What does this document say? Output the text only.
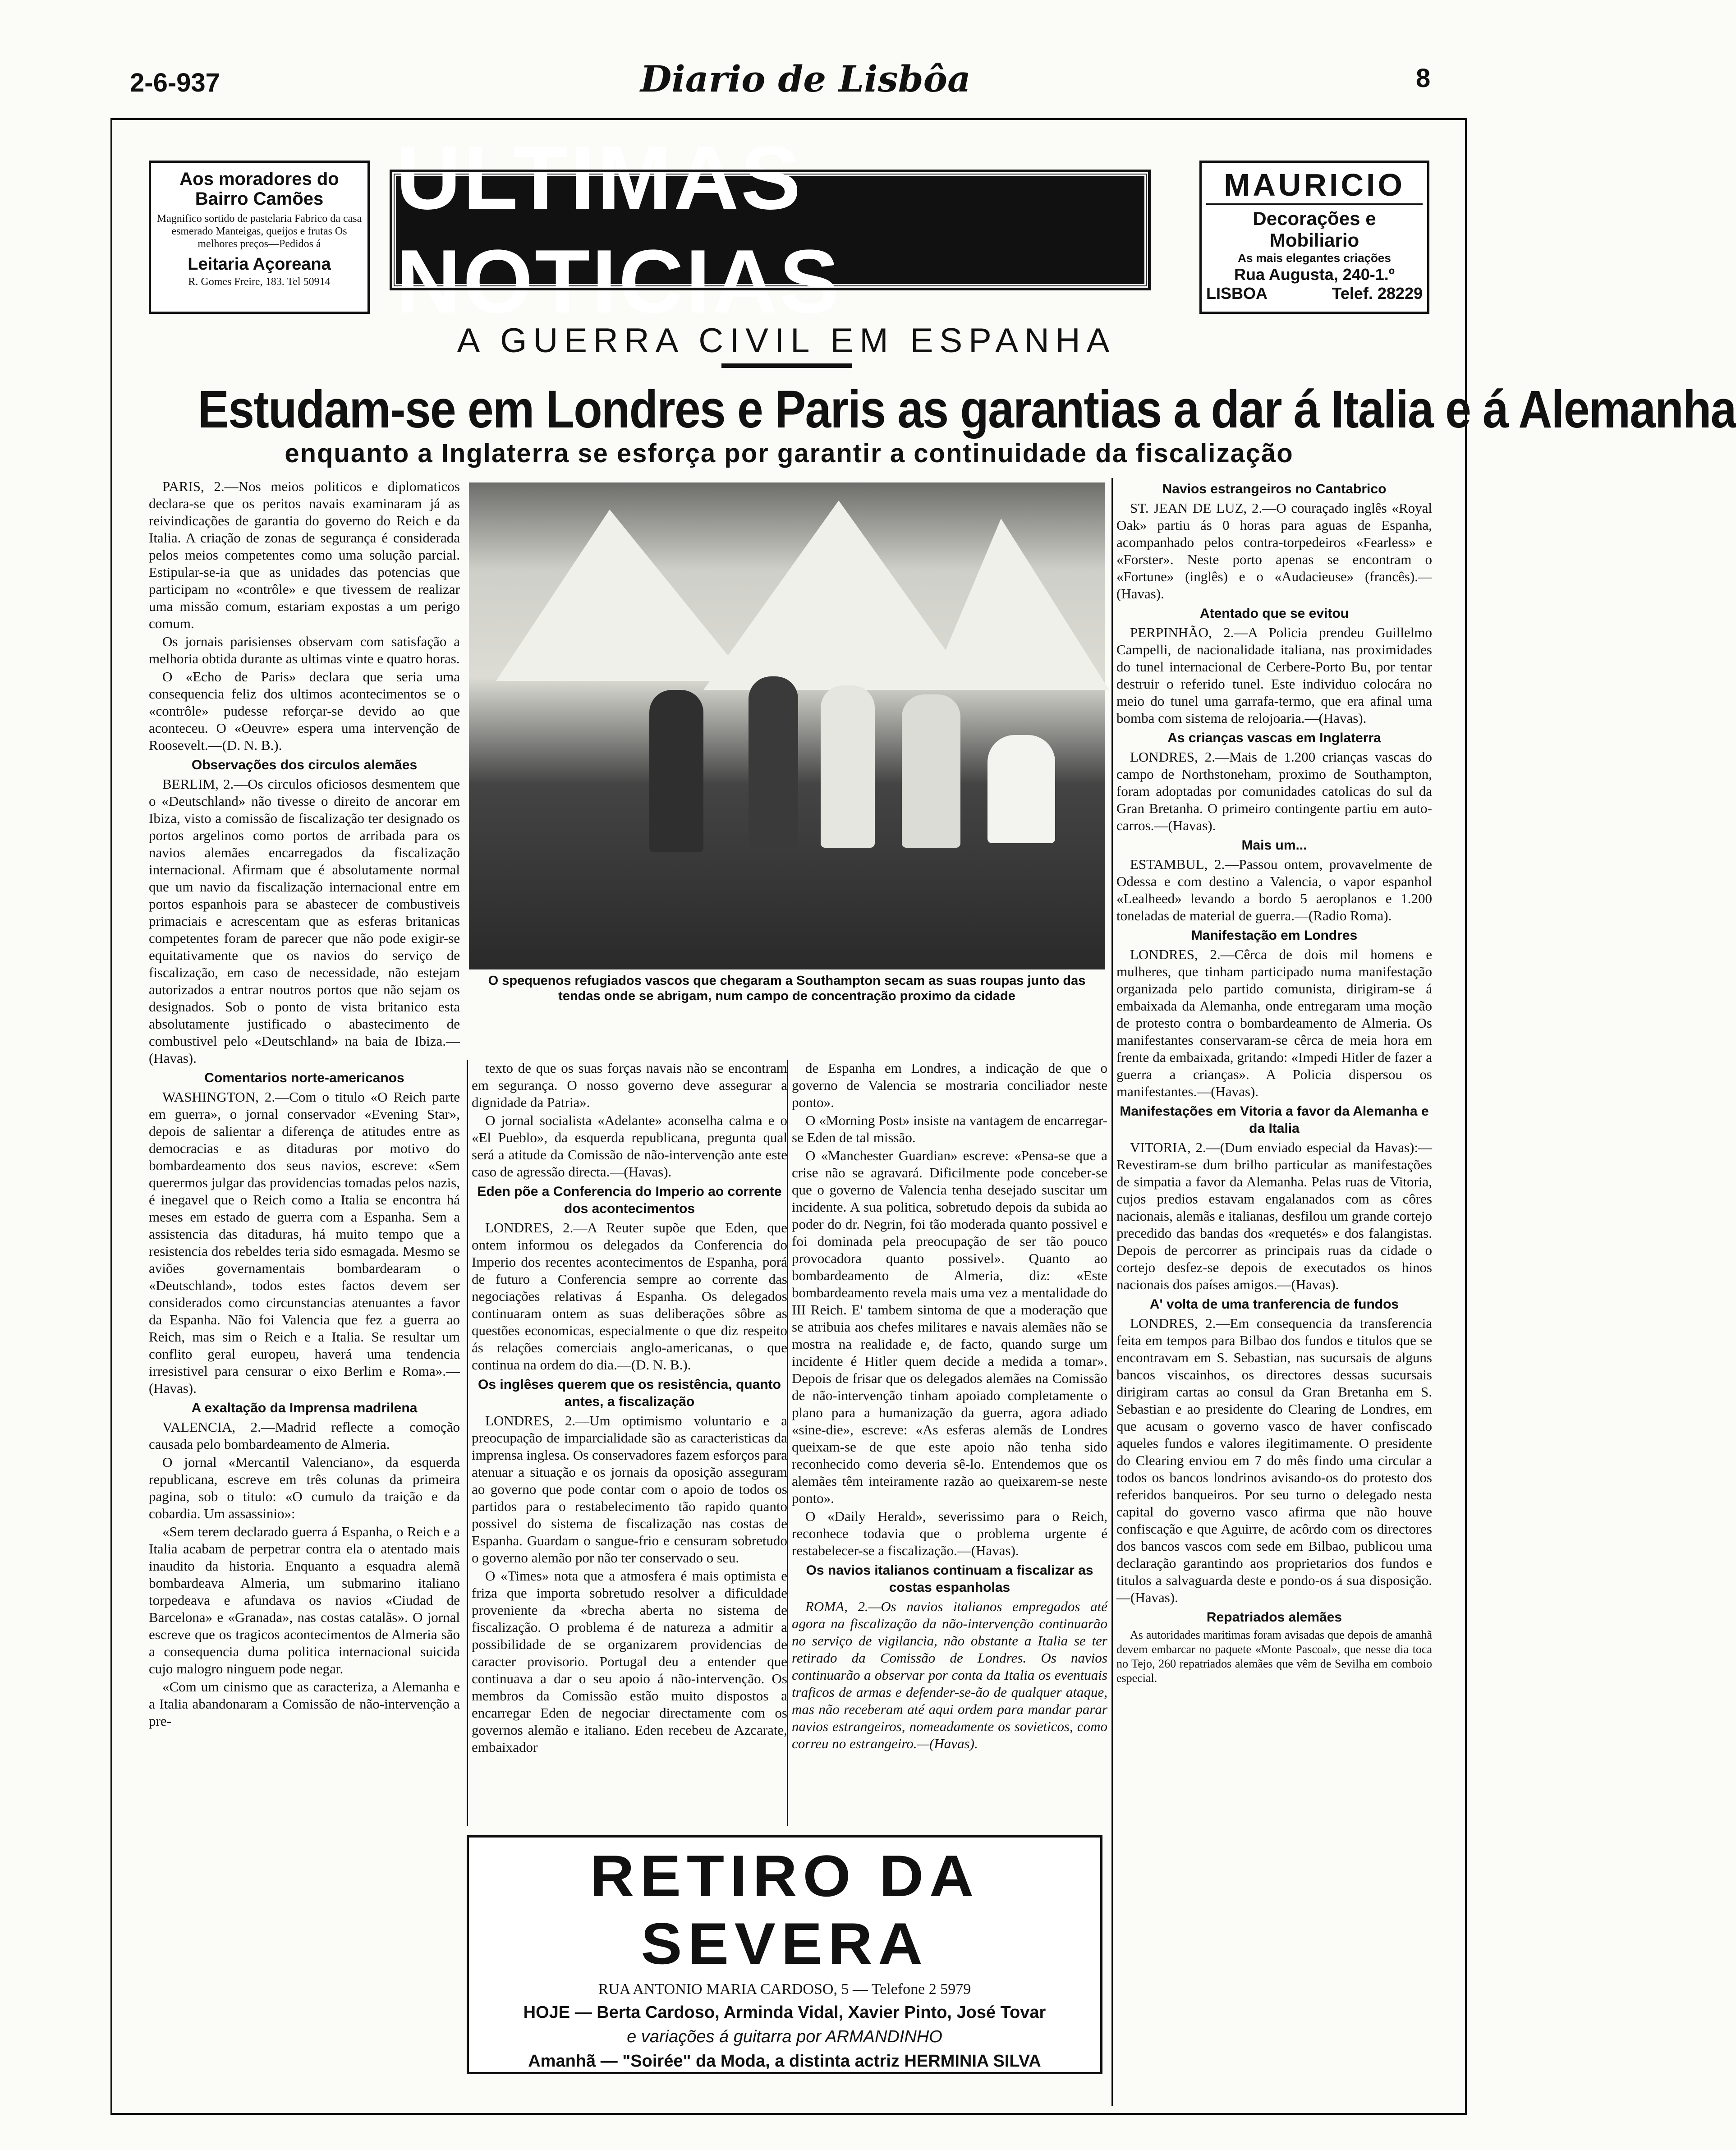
2-6-937	Diario de Lisbôa	8
Aos moradores do Bairro Camões
Magnifico sortido de pastelaria Fabrico da casa esmerado Manteigas, queijos e frutas Os melhores preços—Pedidos á
Leitaria Açoreana
R. Gomes Freire, 183. Tel 50914
ULTIMAS NOTICIAS
MAURICIO
Decorações e Mobiliario
As mais elegantes criações
Rua Augusta, 240-1.º
LISBOA	Telef. 28229
A GUERRA CIVIL EM ESPANHA
Estudam-se em Londres e Paris as garantias a dar á Italia e á Alemanha
enquanto a Inglaterra se esforça por garantir a continuidade da fiscalização

PARIS, 2.—Nos meios politicos e diplomaticos declara-se que os peritos navais examinaram já as reivindicações de garantia do governo do Reich e da Italia. A criação de zonas de segurança é considerada pelos meios competentes como uma solução parcial. Estipular-se-ia que as unidades das potencias que participam no «contrôle» e que tivessem de realizar uma missão comum, estariam expostas a um perigo comum.

Os jornais parisienses observam com satisfação a melhoria obtida durante as ultimas vinte e quatro horas.

O «Echo de Paris» declara que seria uma consequencia feliz dos ultimos acontecimentos se o «contrôle» pudesse reforçar-se devido ao que aconteceu. O «Oeuvre» espera uma intervenção de Roosevelt.—(D. N. B.).

Observações dos circulos alemães

BERLIM, 2.—Os circulos oficiosos desmentem que o «Deutschland» não tivesse o direito de ancorar em Ibiza, visto a comissão de fiscalização ter designado os portos argelinos como portos de arribada para os navios alemães encarregados da fiscalização internacional. Afirmam que é absolutamente normal que um navio da fiscalização internacional entre em portos espanhois para se abastecer de combustiveis primaciais e acrescentam que as esferas britanicas competentes foram de parecer que não pode exigir-se equitativamente que os navios do serviço de fiscalização, em caso de necessidade, não estejam autorizados a entrar noutros portos que não sejam os designados. Sob o ponto de vista britanico esta absolutamente justificado o abastecimento de combustivel pelo «Deutschland» na baia de Ibiza.—(Havas).

Comentarios norte-americanos

WASHINGTON, 2.—Com o titulo «O Reich parte em guerra», o jornal conservador «Evening Star», depois de salientar a diferença de atitudes entre as democracias e as ditaduras por motivo do bombardeamento dos seus navios, escreve: «Sem querermos julgar das providencias tomadas pelos nazis, é inegavel que o Reich como a Italia se encontra há meses em estado de guerra com a Espanha. Sem a assistencia das ditaduras, há muito tempo que a resistencia dos rebeldes teria sido esmagada. Mesmo se aviões governamentais bombardearam o «Deutschland», todos estes factos devem ser considerados como circunstancias atenuantes a favor da Espanha. Não foi Valencia que fez a guerra ao Reich, mas sim o Reich e a Italia. Se resultar um conflito geral europeu, haverá uma tendencia irresistivel para censurar o eixo Berlim e Roma».—(Havas).

A exaltação da Imprensa madrilena

VALENCIA, 2.—Madrid reflecte a comoção causada pelo bombardeamento de Almeria.

O jornal «Mercantil Valenciano», da esquerda republicana, escreve em três colunas da primeira pagina, sob o titulo: «O cumulo da traição e da cobardia. Um assassinio»:

«Sem terem declarado guerra á Espanha, o Reich e a Italia acabam de perpetrar contra ela o atentado mais inaudito da historia. Enquanto a esquadra alemã bombardeava Almeria, um submarino italiano torpedeava e afundava os navios «Ciudad de Barcelona» e «Granada», nas costas catalãs». O jornal escreve que os tragicos acontecimentos de Almeria são a consequencia duma politica internacional suicida cujo malogro ninguem pode negar.

«Com um cinismo que as caracteriza, a Alemanha e a Italia abandonaram a Comissão de não-intervenção a pre-

O spequenos refugiados vascos que chegaram a Southampton secam as suas roupas junto das tendas onde se abrigam, num campo de concentração proximo da cidade

texto de que os suas forças navais não se encontram em segurança. O nosso governo deve assegurar a dignidade da Patria».

O jornal socialista «Adelante» aconselha calma e o «El Pueblo», da esquerda republicana, pregunta qual será a atitude da Comissão de não-intervenção ante este caso de agressão directa.—(Havas).

Eden põe a Conferencia do Imperio ao corrente dos acontecimentos

LONDRES, 2.—A Reuter supõe que Eden, que ontem informou os delegados da Conferencia do Imperio dos recentes acontecimentos de Espanha, porá de futuro a Conferencia sempre ao corrente das negociações relativas á Espanha. Os delegados continuaram ontem as suas deliberações sôbre as questões economicas, especialmente o que diz respeito ás relações comerciais anglo-americanas, o que continua na ordem do dia.—(D. N. B.).

Os inglêses querem que os resistência, quanto antes, a fiscalização

LONDRES, 2.—Um optimismo voluntario e a preocupação de imparcialidade são as caracteristicas da imprensa inglesa. Os conservadores fazem esforços para atenuar a situação e os jornais da oposição asseguram ao governo que pode contar com o apoio de todos os partidos para o restabelecimento tão rapido quanto possivel do sistema de fiscalização nas costas de Espanha. Guardam o sangue-frio e censuram sobretudo o governo alemão por não ter conservado o seu.

O «Times» nota que a atmosfera é mais optimista e friza que importa sobretudo resolver a dificuldade proveniente da «brecha aberta no sistema de fiscalização. O problema é de natureza a admitir a possibilidade de se organizarem providencias de caracter provisorio. Portugal deu a entender que continuava a dar o seu apoio á não-intervenção. Os membros da Comissão estão muito dispostos a encarregar Eden de negociar directamente com os governos alemão e italiano. Eden recebeu de Azcarate, embaixador

de Espanha em Londres, a indicação de que o governo de Valencia se mostraria conciliador neste ponto».

O «Morning Post» insiste na vantagem de encarregar-se Eden de tal missão.

O «Manchester Guardian» escreve: «Pensa-se que a crise não se agravará. Dificilmente pode conceber-se que o governo de Valencia tenha desejado suscitar um incidente. A sua politica, sobretudo depois da subida ao poder do dr. Negrin, foi tão moderada quanto possivel e foi dominada pela preocupação de ser tão pouco provocadora quanto possivel». Quanto ao bombardeamento de Almeria, diz: «Este bombardeamento revela mais uma vez a mentalidade do III Reich. E' tambem sintoma de que a moderação que se atribuia aos chefes militares e navais alemães não se mostra na realidade e, de facto, quando surge um incidente é Hitler quem decide a medida a tomar». Depois de frisar que os delegados alemães na Comissão de não-intervenção tinham apoiado completamente o plano para a humanização da guerra, agora adiado «sine-die», escreve: «As esferas alemãs de Londres queixam-se de que este apoio não tenha sido reconhecido como deveria sê-lo. Entendemos que os alemães têm inteiramente razão ao queixarem-se neste ponto».

O «Daily Herald», severissimo para o Reich, reconhece todavia que o problema urgente é restabelecer-se a fiscalização.—(Havas).

Os navios italianos continuam a fiscalizar as costas espanholas

ROMA, 2.—Os navios italianos empregados até agora na fiscalização da não-intervenção continuarão no serviço de vigilancia, não obstante a Italia se ter retirado da Comissão de Londres. Os navios continuarão a observar por conta da Italia os eventuais traficos de armas e defender-se-ão de qualquer ataque, mas não receberam até aqui ordem para mandar parar navios estrangeiros, nomeadamente os sovieticos, como correu no estrangeiro.—(Havas).

Navios estrangeiros no Cantabrico

ST. JEAN DE LUZ, 2.—O couraçado inglês «Royal Oak» partiu ás 0 horas para aguas de Espanha, acompanhado pelos contra-torpedeiros «Fearless» e «Forster». Neste porto apenas se encontram o «Fortune» (inglês) e o «Audacieuse» (francês).—(Havas).

Atentado que se evitou

PERPINHÃO, 2.—A Policia prendeu Guillelmo Campelli, de nacionalidade italiana, nas proximidades do tunel internacional de Cerbere-Porto Bu, por tentar destruir o referido tunel. Este individuo colocára no meio do tunel uma garrafa-termo, que era afinal uma bomba com sistema de relojoaria.—(Havas).

As crianças vascas em Inglaterra

LONDRES, 2.—Mais de 1.200 crianças vascas do campo de Northstoneham, proximo de Southampton, foram adoptadas por comunidades catolicas do sul da Gran Bretanha. O primeiro contingente partiu em auto-carros.—(Havas).

Mais um...

ESTAMBUL, 2.—Passou ontem, provavelmente de Odessa e com destino a Valencia, o vapor espanhol «Lealheed» levando a bordo 5 aeroplanos e 1.200 toneladas de material de guerra.—(Radio Roma).

Manifestação em Londres

LONDRES, 2.—Cêrca de dois mil homens e mulheres, que tinham participado numa manifestação organizada pelo partido comunista, dirigiram-se á embaixada da Alemanha, onde entregaram uma moção de protesto contra o bombardeamento de Almeria. Os manifestantes conservaram-se cêrca de meia hora em frente da embaixada, gritando: «Impedi Hitler de fazer a guerra a crianças». A Policia dispersou os manifestantes.—(Havas).

Manifestações em Vitoria a favor da Alemanha e da Italia

VITORIA, 2.—(Dum enviado especial da Havas):—Revestiram-se dum brilho particular as manifestações de simpatia a favor da Alemanha. Pelas ruas de Vitoria, cujos predios estavam engalanados com as côres nacionais, alemãs e italianas, desfilou um grande cortejo precedido das bandas dos «requetés» e dos falangistas. Depois de percorrer as principais ruas da cidade o cortejo desfez-se depois de executados os hinos nacionais dos países amigos.—(Havas).

A' volta de uma tranferencia de fundos

LONDRES, 2.—Em consequencia da transferencia feita em tempos para Bilbao dos fundos e titulos que se encontravam em S. Sebastian, nas sucursais de alguns bancos viscainhos, os directores dessas sucursais dirigiram cartas ao consul da Gran Bretanha em S. Sebastian e ao presidente do Clearing de Londres, em que acusam o governo vasco de haver confiscado aqueles fundos e valores ilegitimamente. O presidente do Clearing enviou em 7 do mês findo uma circular a todos os bancos londrinos avisando-os do protesto dos referidos banqueiros. Por seu turno o delegado nesta capital do governo vasco afirma que não houve confiscação e que Aguirre, de acôrdo com os directores dos bancos vascos com sede em Bilbao, publicou uma declaração garantindo aos proprietarios dos fundos e titulos a salvaguarda deste e pondo-os á sua disposição.—(Havas).

Repatriados alemães

As autoridades maritimas foram avisadas que depois de amanhã devem embarcar no paquete «Monte Pascoal», que nesse dia toca no Tejo, 260 repatriados alemães que vêm de Sevilha em comboio especial.

RETIRO DA SEVERA
RUA ANTONIO MARIA CARDOSO, 5 — Telefone 2 5979
HOJE — Berta Cardoso, Arminda Vidal, Xavier Pinto, José Tovar
e variações á guitarra por ARMANDINHO
Amanhã — "Soirée" da Moda, a distinta actriz HERMINIA SILVA
